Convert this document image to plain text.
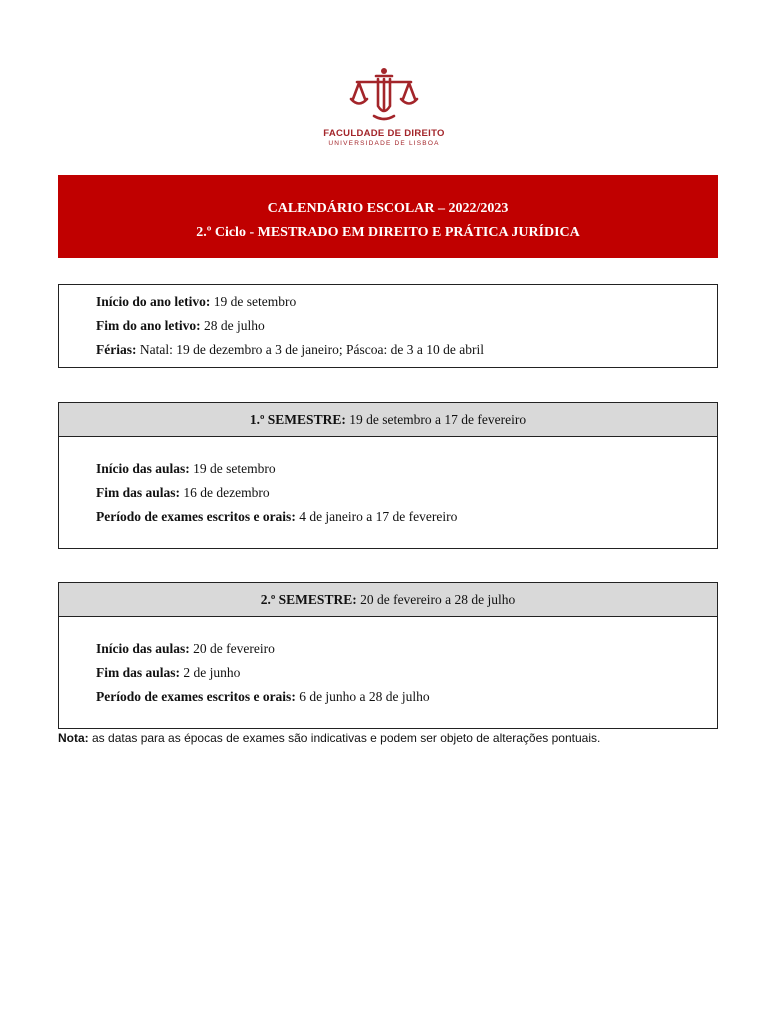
FACULDADE DE DIREITO
UNIVERSIDADE DE LISBOA
CALENDÁRIO ESCOLAR – 2022/2023
2.º Ciclo - MESTRADO EM DIREITO E PRÁTICA JURÍDICA
Início do ano letivo: 19 de setembro
Fim do ano letivo: 28 de julho
Férias: Natal: 19 de dezembro a 3 de janeiro; Páscoa: de 3 a 10 de abril
1.º SEMESTRE: 19 de setembro a 17 de fevereiro
Início das aulas: 19 de setembro
Fim das aulas: 16 de dezembro
Período de exames escritos e orais: 4 de janeiro a 17 de fevereiro
2.º SEMESTRE: 20 de fevereiro a 28 de julho
Início das aulas: 20 de fevereiro
Fim das aulas: 2 de junho
Período de exames escritos e orais: 6 de junho a 28 de julho
Nota: as datas para as épocas de exames são indicativas e podem ser objeto de alterações pontuais.
